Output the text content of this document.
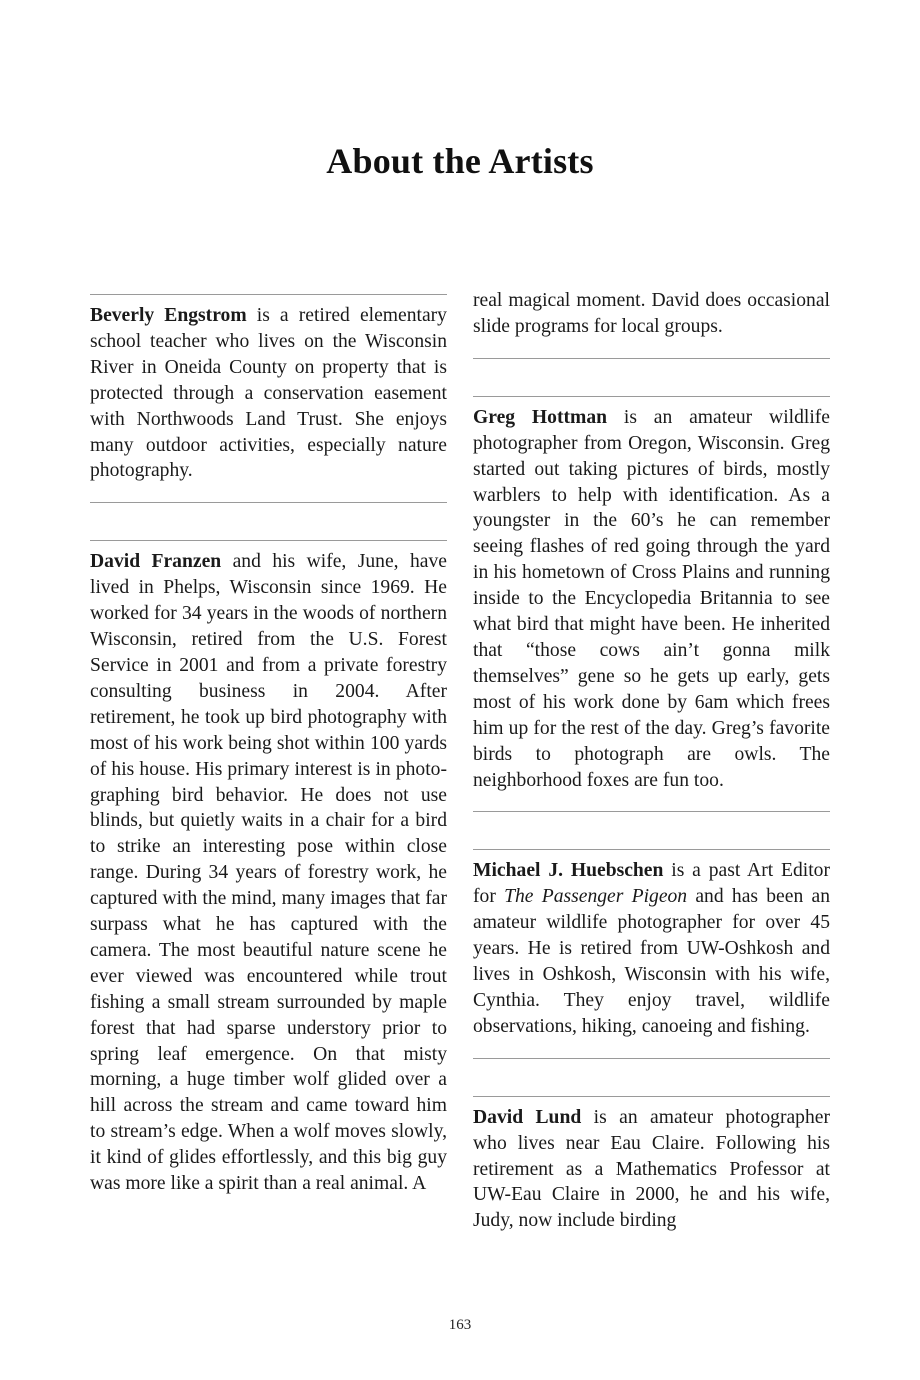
About the Artists

Beverly Engstrom is a retired elementary school teacher who lives on the Wisconsin River in Oneida County on property that is protected through a conservation easement with Northwoods Land Trust. She enjoys many outdoor activities, especially nature photography.

David Franzen and his wife, June, have lived in Phelps, Wisconsin since 1969. He worked for 34 years in the woods of northern Wisconsin, retired from the U.S. Forest Service in 2001 and from a private forestry consulting business in 2004. After retirement, he took up bird photography with most of his work being shot within 100 yards of his house. His primary interest is in photographing bird behavior. He does not use blinds, but quietly waits in a chair for a bird to strike an interesting pose within close range. During 34 years of forestry work, he captured with the mind, many images that far surpass what he has captured with the camera. The most beautiful nature scene he ever viewed was encountered while trout fishing a small stream surrounded by maple forest that had sparse understory prior to spring leaf emergence. On that misty morning, a huge timber wolf glided over a hill across the stream and came toward him to stream’s edge. When a wolf moves slowly, it kind of glides effortlessly, and this big guy was more like a spirit than a real animal. A

real magical moment. David does occasional slide programs for local groups.

Greg Hottman is an amateur wildlife photographer from Oregon, Wisconsin. Greg started out taking pictures of birds, mostly warblers to help with identification. As a youngster in the 60’s he can remember seeing flashes of red going through the yard in his hometown of Cross Plains and running inside to the Encyclopedia Britannia to see what bird that might have been. He inherited that “those cows ain’t gonna milk themselves” gene so he gets up early, gets most of his work done by 6am which frees him up for the rest of the day. Greg’s favorite birds to photograph are owls. The neighborhood foxes are fun too.

Michael J. Huebschen is a past Art Editor for The Passenger Pigeon and has been an amateur wildlife photographer for over 45 years. He is retired from UW-Oshkosh and lives in Oshkosh, Wisconsin with his wife, Cynthia. They enjoy travel, wildlife observations, hiking, canoeing and fishing.

David Lund is an amateur photographer who lives near Eau Claire. Following his retirement as a Mathematics Professor at UW-Eau Claire in 2000, he and his wife, Judy, now include birding

163
